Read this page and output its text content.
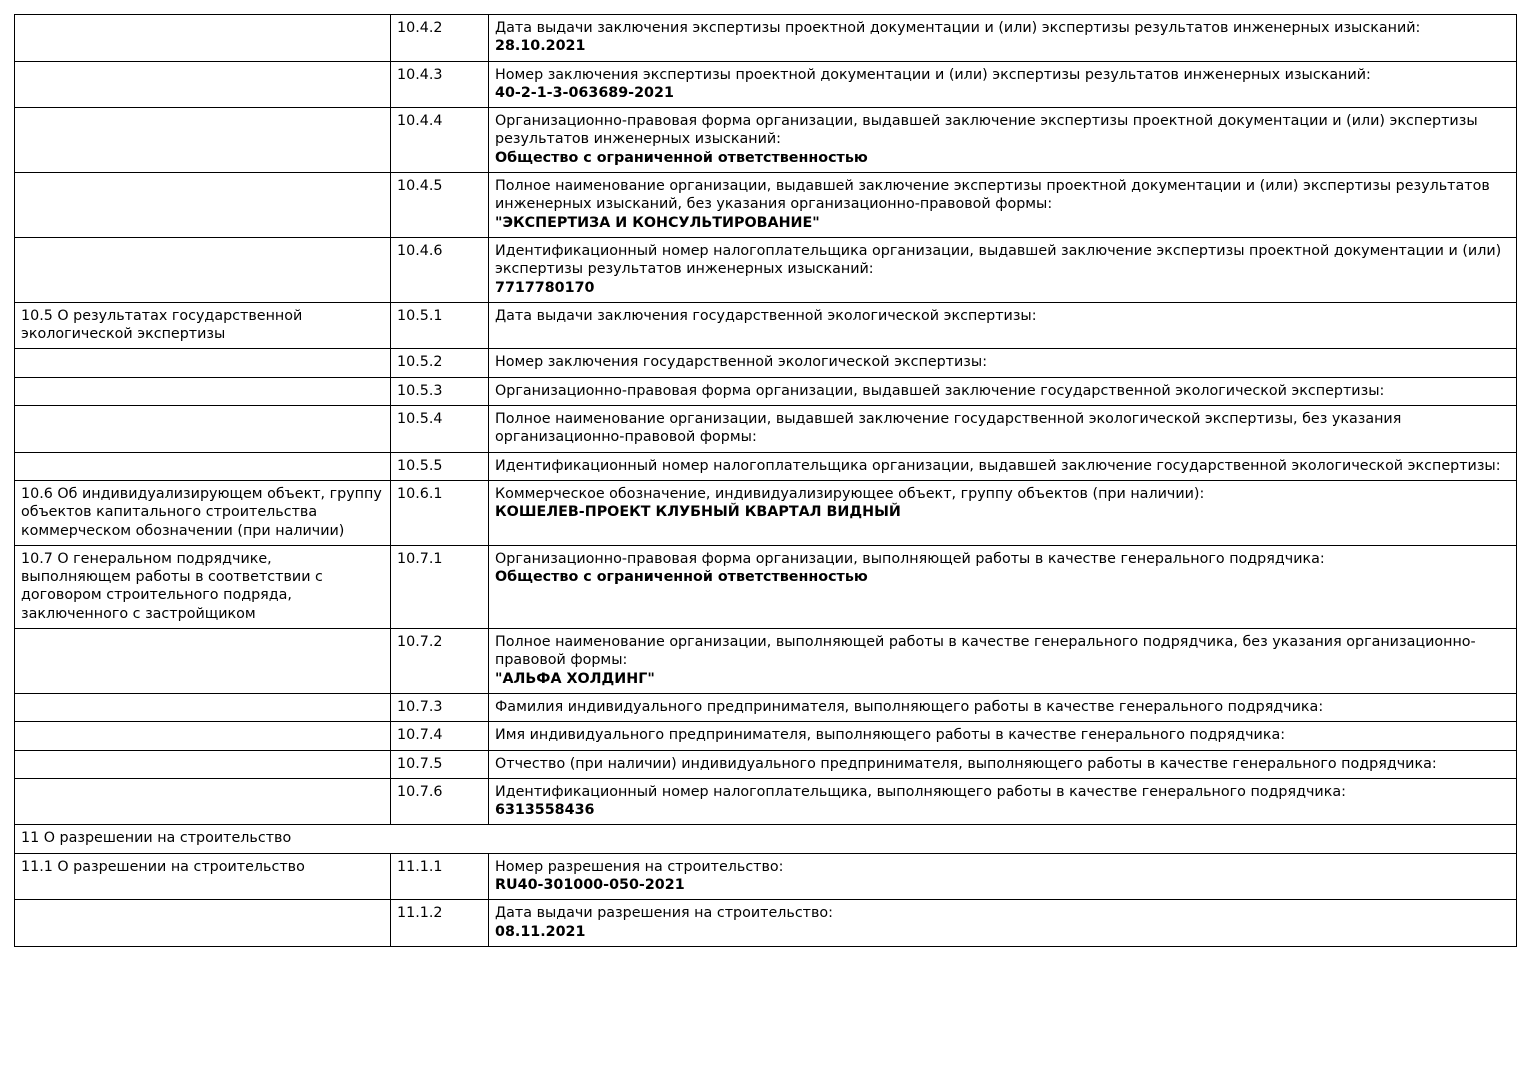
	10.4.2	Дата выдачи заключения экспертизы проектной документации и (или) экспертизы результатов инженерных изысканий:
28.10.2021

	10.4.3	Номер заключения экспертизы проектной документации и (или) экспертизы результатов инженерных изысканий:
40-2-1-3-063689-2021

	10.4.4	Организационно-правовая форма организации, выдавшей заключение экспертизы проектной документации и (или) экспертизы результатов инженерных изысканий:
Общество с ограниченной ответственностью

	10.4.5	Полное наименование организации, выдавшей заключение экспертизы проектной документации и (или) экспертизы результатов инженерных изысканий, без указания организационно-правовой формы:
"ЭКСПЕРТИЗА И КОНСУЛЬТИРОВАНИЕ"

	10.4.6	Идентификационный номер налогоплательщика организации, выдавшей заключение экспертизы проектной документации и (или) экспертизы результатов инженерных изысканий:
7717780170

10.5 О результатах государственной экологической экспертизы	10.5.1	Дата выдачи заключения государственной экологической экспертизы:

	10.5.2	Номер заключения государственной экологической экспертизы:

	10.5.3	Организационно-правовая форма организации, выдавшей заключение государственной экологической экспертизы:

	10.5.4	Полное наименование организации, выдавшей заключение государственной экологической экспертизы, без указания организационно-правовой формы:

	10.5.5	Идентификационный номер налогоплательщика организации, выдавшей заключение государственной экологической экспертизы:

10.6 Об индивидуализирующем объект, группу объектов капитального строительства коммерческом обозначении (при наличии)	10.6.1	Коммерческое обозначение, индивидуализирующее объект, группу объектов (при наличии):
КОШЕЛЕВ-ПРОЕКТ КЛУБНЫЙ КВАРТАЛ ВИДНЫЙ

10.7 О генеральном подрядчике, выполняющем работы в соответствии с договором строительного подряда, заключенного с застройщиком	10.7.1	Организационно-правовая форма организации, выполняющей работы в качестве генерального подрядчика:
Общество с ограниченной ответственностью

	10.7.2	Полное наименование организации, выполняющей работы в качестве генерального подрядчика, без указания организационно-правовой формы:
"АЛЬФА ХОЛДИНГ"

	10.7.3	Фамилия индивидуального предпринимателя, выполняющего работы в качестве генерального подрядчика:

	10.7.4	Имя индивидуального предпринимателя, выполняющего работы в качестве генерального подрядчика:

	10.7.5	Отчество (при наличии) индивидуального предпринимателя, выполняющего работы в качестве генерального подрядчика:

	10.7.6	Идентификационный номер налогоплательщика, выполняющего работы в качестве генерального подрядчика:
6313558436

11 О разрешении на строительство		
11.1 О разрешении на строительство	11.1.1	Номер разрешения на строительство:
RU40-301000-050-2021

	11.1.2	Дата выдачи разрешения на строительство:
08.11.2021
